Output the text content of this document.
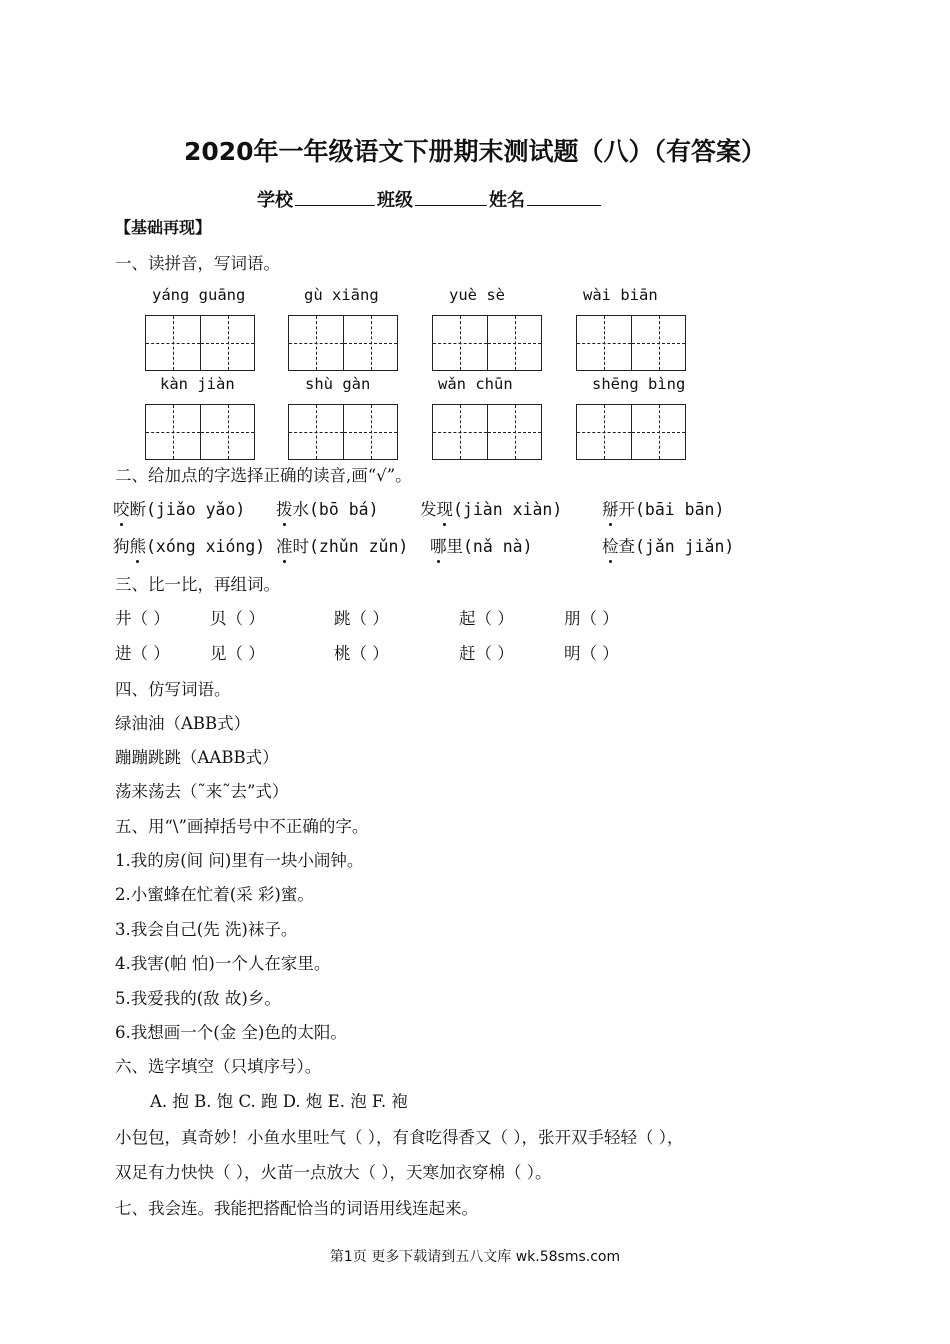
2020年一年级语文下册期末测试题（八）（有答案）
学校	班级	姓名
【基础再现】
一、读拼音，写词语。
yáng guāng	gù xiāng	yuè sè	wài biān
kàn jiàn	shù gàn	wǎn chūn	shēng bìng
二、给加点的字选择正确的读音,画“√”。
咬断(jiǎo yǎo) 拨水(bō bá)	发现(jiàn xiàn) 掰开(bāi bān)
狗熊(xóng xióng) 准时(zhǔn zǔn) 哪里(nǎ nà)	检查(jǎn jiǎn)
三、比一比，再组词。
井（ ） 贝（ ）	跳（ ）	起（ ）	朋（ ）
进（ ） 见（ ）	桃（ ）	赶（ ）	明（ ）
四、仿写词语。
绿油油（ABB式）
蹦蹦跳跳（AABB式）
荡来荡去（˜来˜去”式）
五、用“\”画掉括号中不正确的字。
1.我的房(间 问)里有一块小闹钟。
2.小蜜蜂在忙着(采 彩)蜜。
3.我会自己(先 洗)袜子。
4.我害(帕 怕)一个人在家里。
5.我爱我的(敌 故)乡。
6.我想画一个(金 全)色的太阳。
六、选字填空（只填序号）。
A. 抱 B. 饱 C. 跑 D. 炮 E. 泡 F. 袍
小包包，真奇妙！小鱼水里吐气（ ），有食吃得香又（ ），张开双手轻轻（ ），
双足有力快快（ ），火苗一点放大（ ），天寒加衣穿棉（ ）。
七、我会连。我能把搭配恰当的词语用线连起来。
第1页 更多下载请到五八文库 wk.58sms.com
